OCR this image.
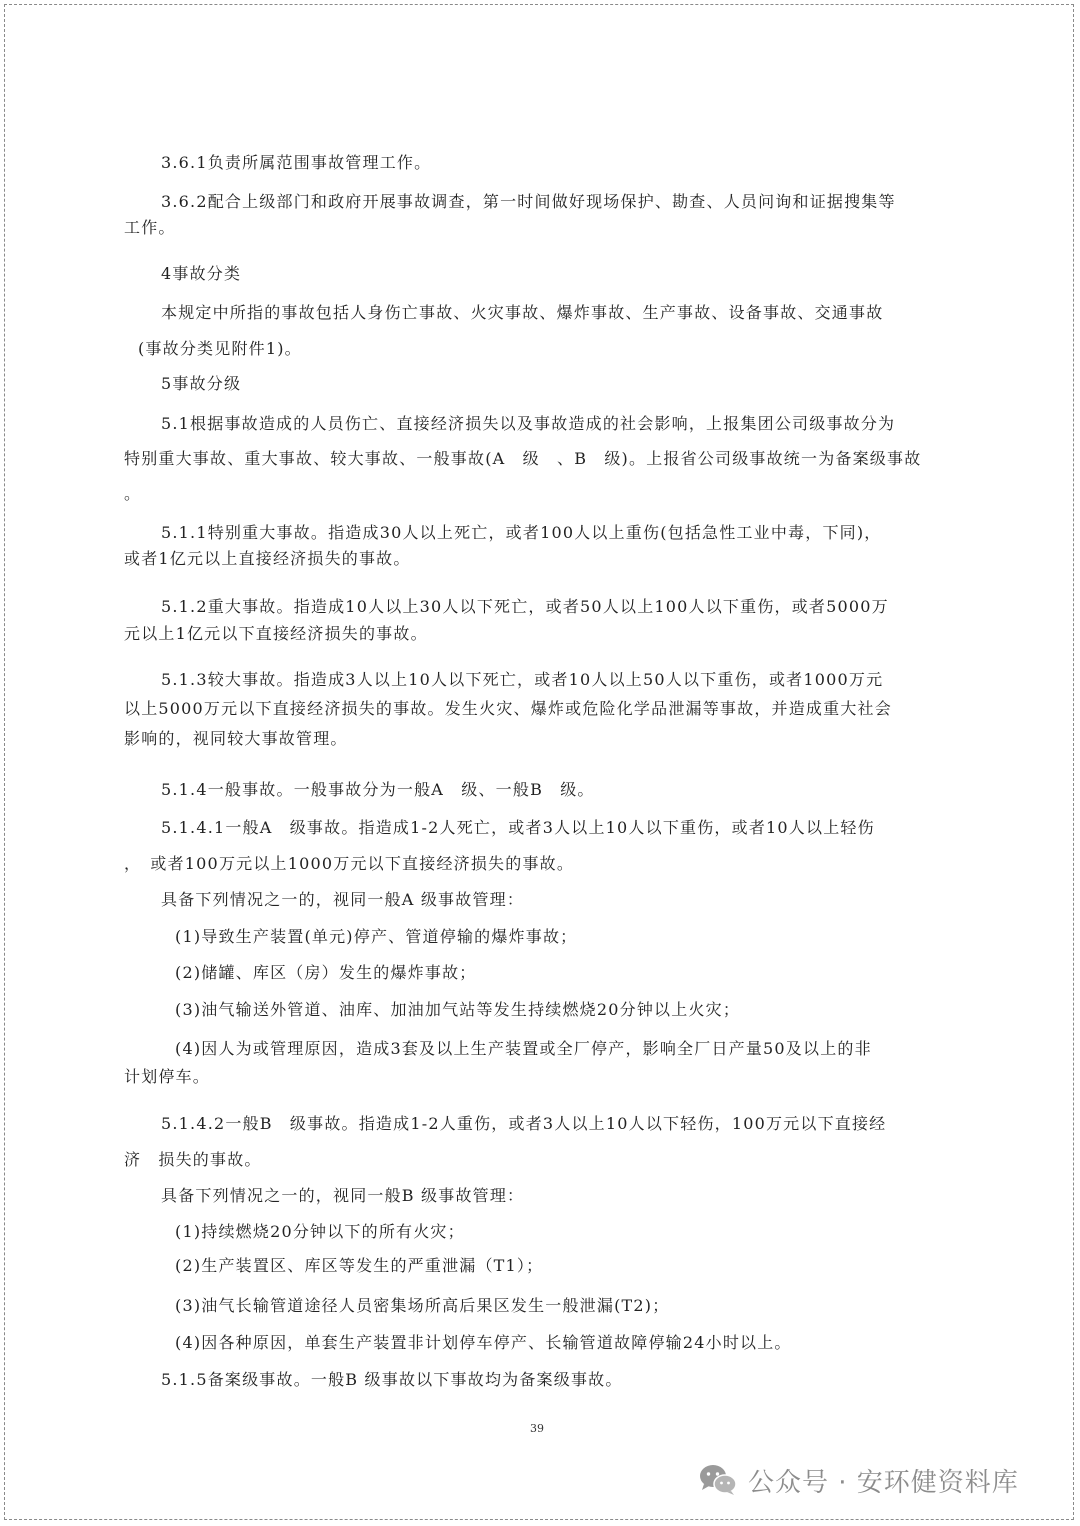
3.6.1负责所属范围事故管理工作。
3.6.2配合上级部门和政府开展事故调查，第一时间做好现场保护、勘查、人员问询和证据搜集等
工作。
4事故分类
本规定中所指的事故包括人身伤亡事故、火灾事故、爆炸事故、生产事故、设备事故、交通事故
(事故分类见附件1)。
5事故分级
5.1根据事故造成的人员伤亡、直接经济损失以及事故造成的社会影响，上报集团公司级事故分为
特别重大事故、重大事故、较大事故、一般事故(A　级　、B　级)。上报省公司级事故统一为备案级事故
。
5.1.1特别重大事故。指造成30人以上死亡，或者100人以上重伤(包括急性工业中毒，下同)，
或者1亿元以上直接经济损失的事故。
5.1.2重大事故。指造成10人以上30人以下死亡，或者50人以上100人以下重伤，或者5000万
元以上1亿元以下直接经济损失的事故。
5.1.3较大事故。指造成3人以上10人以下死亡，或者10人以上50人以下重伤，或者1000万元
以上5000万元以下直接经济损失的事故。发生火灾、爆炸或危险化学品泄漏等事故，并造成重大社会
影响的，视同较大事故管理。
5.1.4一般事故。一般事故分为一般A　级、一般B　级。
5.1.4.1一般A　级事故。指造成1-2人死亡，或者3人以上10人以下重伤，或者10人以上轻伤
，　或者100万元以上1000万元以下直接经济损失的事故。
具备下列情况之一的，视同一般A 级事故管理：
(1)导致生产装置(单元)停产、管道停输的爆炸事故；
(2)储罐、库区（房）发生的爆炸事故；
(3)油气输送外管道、油库、加油加气站等发生持续燃烧20分钟以上火灾；
(4)因人为或管理原因，造成3套及以上生产装置或全厂停产，影响全厂日产量50及以上的非
计划停车。
5.1.4.2一般B　级事故。指造成1-2人重伤，或者3人以上10人以下轻伤，100万元以下直接经
济　损失的事故。
具备下列情况之一的，视同一般B 级事故管理：
(1)持续燃烧20分钟以下的所有火灾；
(2)生产装置区、库区等发生的严重泄漏（T1）；
(3)油气长输管道途径人员密集场所高后果区发生一般泄漏(T2)；
(4)因各种原因，单套生产装置非计划停车停产、长输管道故障停输24小时以上。
5.1.5备案级事故。一般B 级事故以下事故均为备案级事故。
39
公众号 · 安环健资料库
